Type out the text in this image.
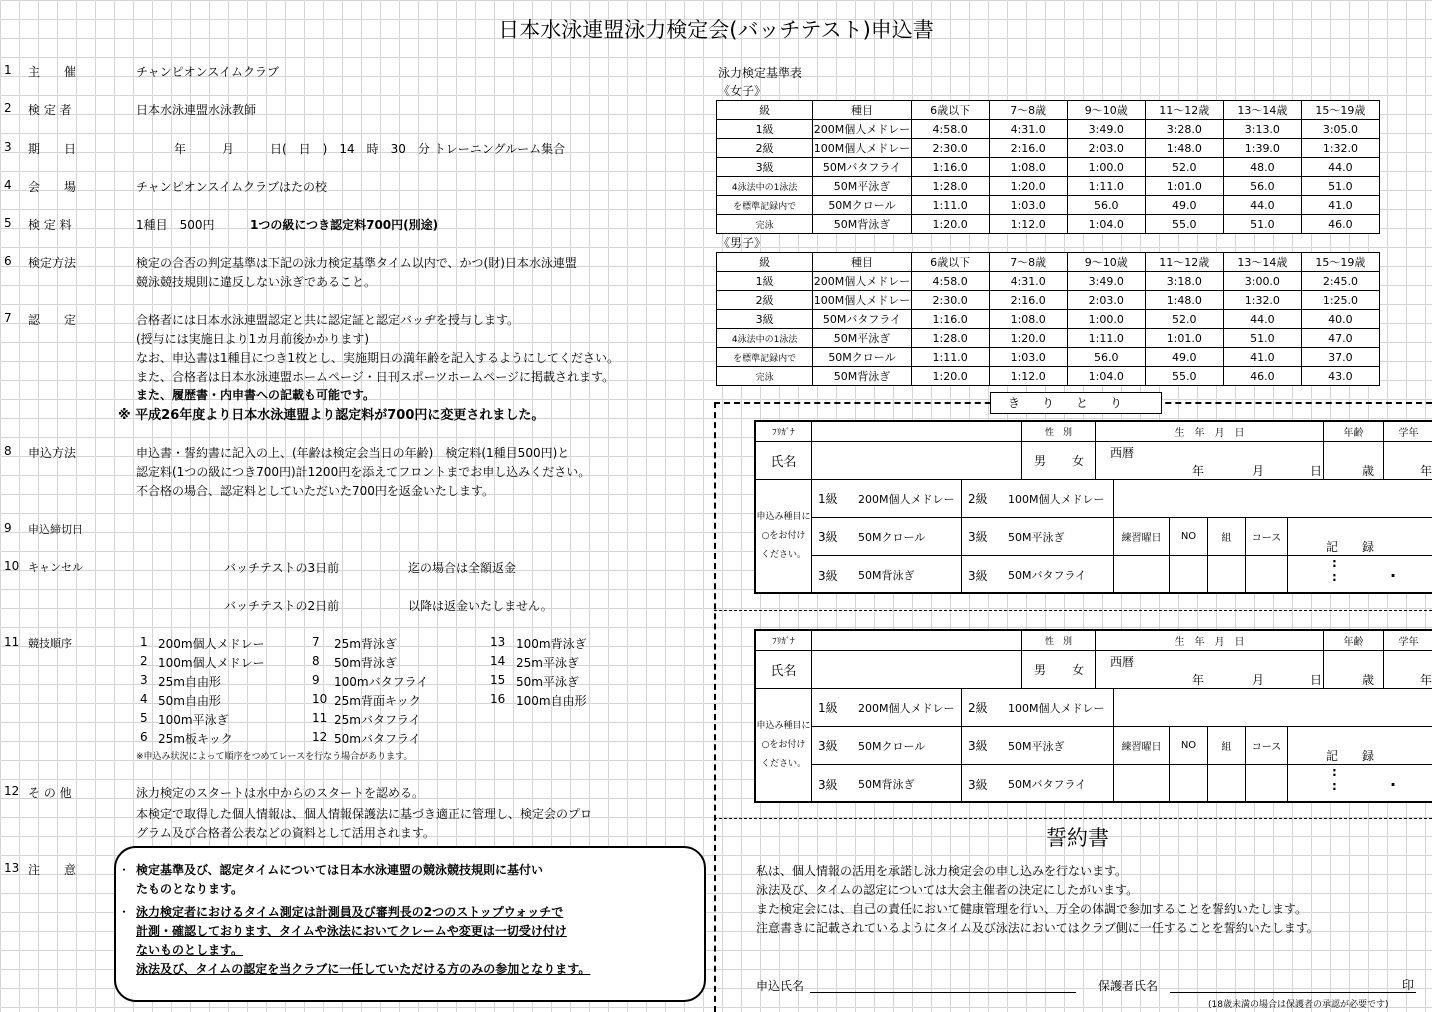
日本水泳連盟泳力検定会(バッチテスト)申込書
1 主　　催	チャンピオンスイムクラブ
2 検 定 者	日本水泳連盟水泳教師
3 期　　日	年　　　月　　　日(　日　)　14　時　30　分 トレーニングルーム集合
4 会　　場	チャンピオンスイムクラブはたの校
5 検 定 料	1種目　500円	1つの級につき認定料700円(別途)
6 検定方法	検定の合否の判定基準は下記の泳力検定基準タイム以内で、かつ(財)日本水泳連盟
競泳競技規則に違反しない泳ぎであること。
7 認　　定	合格者には日本水泳連盟認定と共に認定証と認定バッヂを授与します。
(授与には実施日より1カ月前後かかります)
なお、申込書は1種目につき1枚とし、実施期日の満年齢を記入するようにしてください。
また、合格者は日本水泳連盟ホームページ・日刊スポーツホームページに掲載されます。
また、履歴書・内申書への記載も可能です。
※ 平成26年度より日本水泳連盟より認定料が700円に変更されました。
8 申込方法	申込書・誓約書に記入の上、(年齢は検定会当日の年齢)　検定料(1種目500円)と
認定料(1つの級につき700円)計1200円を添えてフロントまでお申し込みください。
不合格の場合、認定料としていただいた700円を返金いたします。
9 申込締切日
10 キャンセル	バッチテストの3日前	迄の場合は全額返金
バッチテストの2日前	以降は返金いたしません。
11 競技順序	1 200m個人メドレー
2 100m個人メドレー
3 25m自由形
4 50m自由形
5 100m平泳ぎ
6 25m板キック
7 25m背泳ぎ
8 50m背泳ぎ
9 100mバタフライ
10 25m背面キック
11 25mバタフライ
12 50mバタフライ
13 100m背泳ぎ
14 25m平泳ぎ
15 50m平泳ぎ
16 100m自由形
※申込み状況によって順序をつめてレースを行なう場合があります。
12 そ の 他	泳力検定のスタートは水中からのスタートを認める。
本検定で取得した個人情報は、個人情報保護法に基づき適正に管理し、検定会のプロ
グラム及び合格者公表などの資料として活用されます。
13 注　　意	・ 検定基準及び、認定タイムについては日本水泳連盟の競泳競技規則に基付い
たものとなります。
・ 泳力検定者におけるタイム測定は計測員及び審判長の2つのストップウォッチで
計測・確認しております、タイムや泳法においてクレームや変更は一切受け付け
ないものとします。
泳法及び、タイムの認定を当クラブに一任していただける方のみの参加となります。
泳力検定基準表
《女子》
級	種目	6歳以下	7～8歳	9～10歳	11～12歳	13～14歳	15～19歳
1級	200M個人メドレー	4:58.0	4:31.0	3:49.0	3:28.0	3:13.0	3:05.0
2級	100M個人メドレー	2:30.0	2:16.0	2:03.0	1:48.0	1:39.0	1:32.0
3級	50Mバタフライ	1:16.0	1:08.0	1:00.0	52.0	48.0	44.0
4泳法中の1泳法	50M平泳ぎ	1:28.0	1:20.0	1:11.0	1:01.0	56.0	51.0
を標準記録内で	50Mクロール	1:11.0	1:03.0	56.0	49.0	44.0	41.0
完泳	50M背泳ぎ	1:20.0	1:12.0	1:04.0	55.0	51.0	46.0
《男子》
級	種目	6歳以下	7～8歳	9～10歳	11～12歳	13～14歳	15～19歳
1級	200M個人メドレー	4:58.0	4:31.0	3:49.0	3:18.0	3:00.0	2:45.0
2級	100M個人メドレー	2:30.0	2:16.0	2:03.0	1:48.0	1:32.0	1:25.0
3級	50Mバタフライ	1:16.0	1:08.0	1:00.0	52.0	44.0	40.0
4泳法中の1泳法	50M平泳ぎ	1:28.0	1:20.0	1:11.0	1:01.0	51.0	47.0
を標準記録内で	50Mクロール	1:11.0	1:03.0	56.0	49.0	41.0	37.0
完泳	50M背泳ぎ	1:20.0	1:12.0	1:04.0	55.0	46.0	43.0
きりとり
ﾌﾘｶﾞﾅ	性　別	生　年　月　日	年齢	学年
氏名	男 女
西暦
年	月	日	歳	年
申込み種目に
○をお付け
ください。
1級	200M個人メドレー 2級	100M個人メドレー
3級	50Mクロール	3級	50M平泳ぎ
3級	50M背泳ぎ	3級	50Mバタフライ
練習曜日	NO	組	コース
記　　録
:
:	.
ﾌﾘｶﾞﾅ	性　別	生　年　月　日	年齢	学年
氏名	男 女
西暦
年	月	日	歳	年
申込み種目に
○をお付け
ください。
1級	200M個人メドレー 2級	100M個人メドレー
3級	50Mクロール	3級	50M平泳ぎ
3級	50M背泳ぎ	3級	50Mバタフライ
練習曜日	NO	組	コース
記　　録
:
:	.
誓約書
私は、個人情報の活用を承諾し泳力検定会の申し込みを行ないます。
泳法及び、タイムの認定については大会主催者の決定にしたがいます。
また検定会には、自己の責任において健康管理を行い、万全の体調で参加することを誓約いたします。
注意書きに記載されているようにタイム及び泳法においてはクラブ側に一任することを誓約いたします。
申込氏名	保護者氏名	印
(18歳未満の場合は保護者の承認が必要です)
